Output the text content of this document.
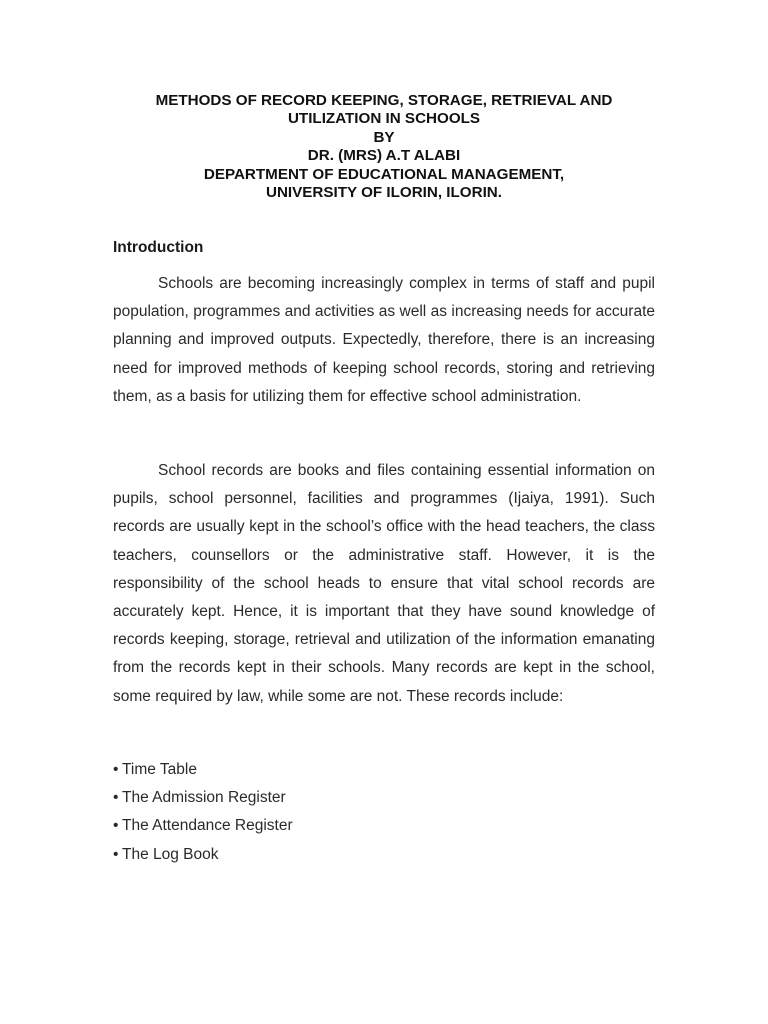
METHODS OF RECORD KEEPING, STORAGE, RETRIEVAL AND
UTILIZATION IN SCHOOLS
BY
DR. (MRS) A.T ALABI
DEPARTMENT OF EDUCATIONAL MANAGEMENT,
UNIVERSITY OF ILORIN, ILORIN.
Introduction

Schools are becoming increasingly complex in terms of staff and pupil population, programmes and activities as well as increasing needs for accurate planning and improved outputs. Expectedly, therefore, there is an increasing need for improved methods of keeping school records, storing and retrieving them, as a basis for utilizing them for effective school administration.

School records are books and files containing essential information on pupils, school personnel, facilities and programmes (Ijaiya, 1991). Such records are usually kept in the school’s office with the head teachers, the class teachers, counsellors or the administrative staff. However, it is the responsibility of the school heads to ensure that vital school records are accurately kept. Hence, it is important that they have sound knowledge of records keeping, storage, retrieval and utilization of the information emanating from the records kept in their schools. Many records are kept in the school, some required by law, while some are not. These records include:

• Time Table
• The Admission Register
• The Attendance Register
• The Log Book
